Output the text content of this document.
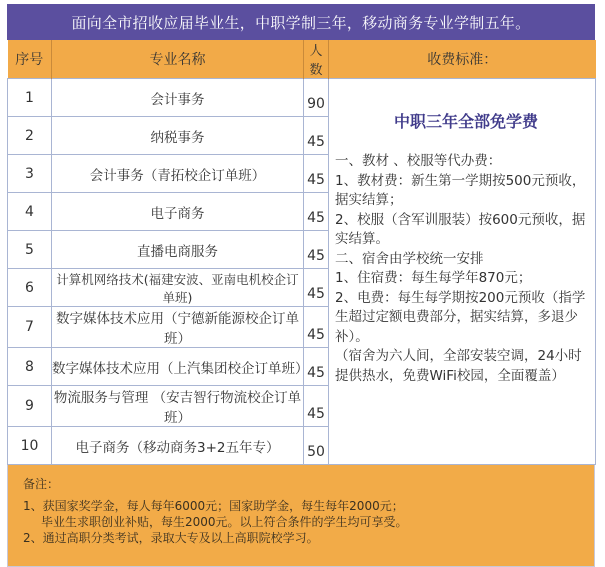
面向全市招收应届毕业生，中职学制三年，移动商务专业学制五年。
序号	专业名称	人数	收费标准：
1	会计事务	90	
中职三年全部免学费
一、教材 、校服等代办费：
1、教材费：新生第一学期按500元预收，据实结算；
2、校服（含军训服装）按600元预收，据实结算。
二、宿舍由学校统一安排
1、住宿费：每生每学年870元；
2、电费：每生每学期按200元预收（指学生超过定额电费部分，据实结算，多退少补）。
（宿舍为六人间，全部安装空调，24小时提供热水，免费WiFi校园，全面覆盖）

2	纳税事务	45	
3	会计事务（青拓校企订单班）	45	
4	电子商务	45	
5	直播电商服务	45	
6	计算机网络技术(福建安波、亚南电机校企订单班)	45	
7	数字媒体技术应用（宁德新能源校企订单班）	45	
8	数字媒体技术应用（上汽集团校企订单班）	45	
9	物流服务与管理 （安吉智行物流校企订单班）	45	
10	电子商务（移动商务3+2五年专）	50	
备注：
1、获国家奖学金，每人每年6000元；国家助学金，每生每年2000元；
毕业生求职创业补贴，每生2000元。以上符合条件的学生均可享受。
2、通过高职分类考试，录取大专及以上高职院校学习。
